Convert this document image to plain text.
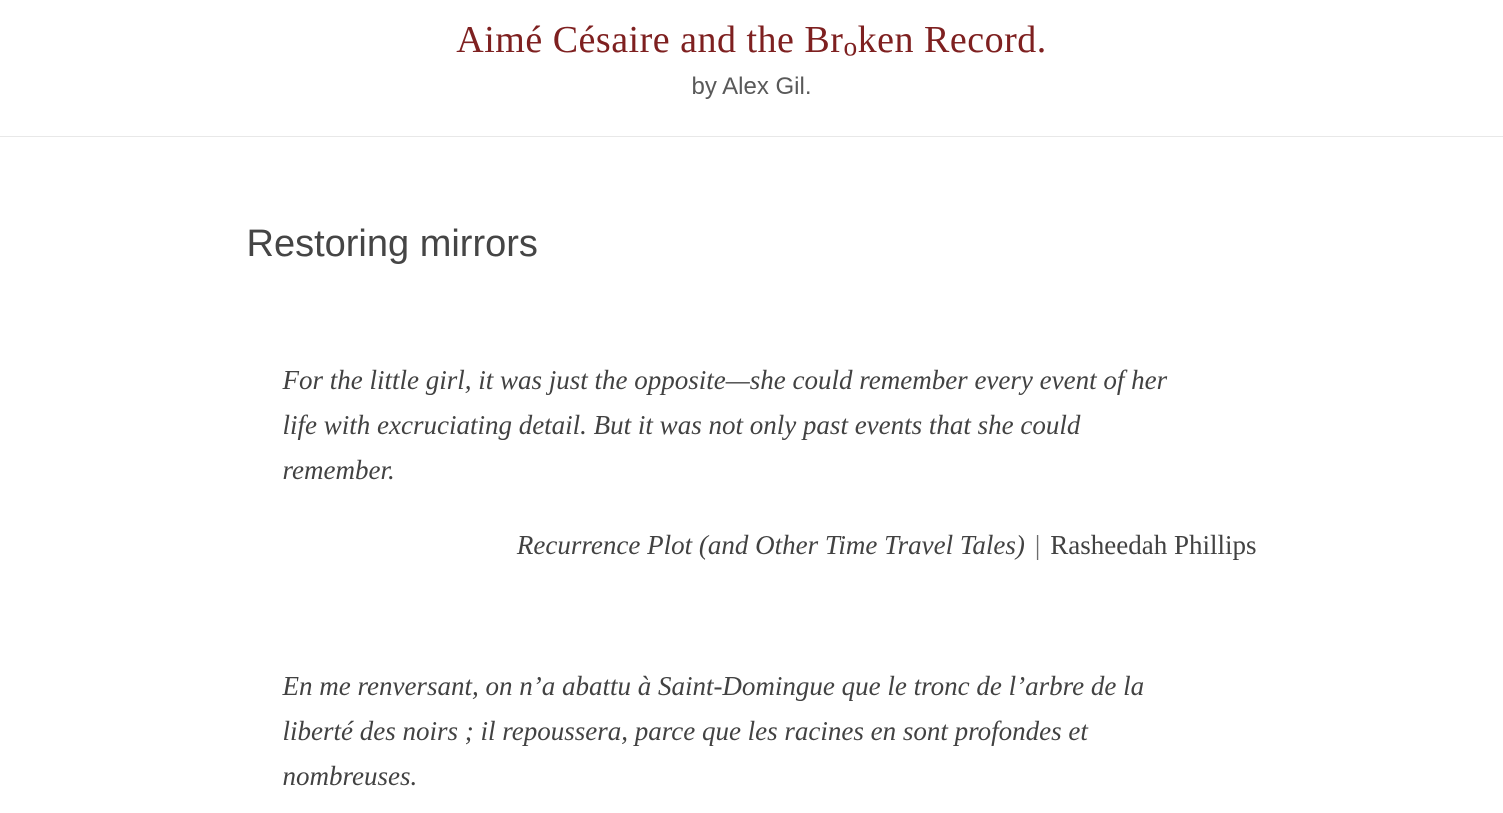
Aimé Césaire and the Broken Record.

by Alex Gil.

Restoring mirrors

For the little girl, it was just the opposite—she could remember every event of her life with excruciating detail. But it was not only past events that she could remember.

Recurrence Plot (and Other Time Travel Tales) | Rasheedah Phillips

En me renversant, on n’a abattu à Saint-Domingue que le tronc de l’arbre de la liberté des noirs ; il repoussera, parce que les racines en sont profondes et nombreuses.
